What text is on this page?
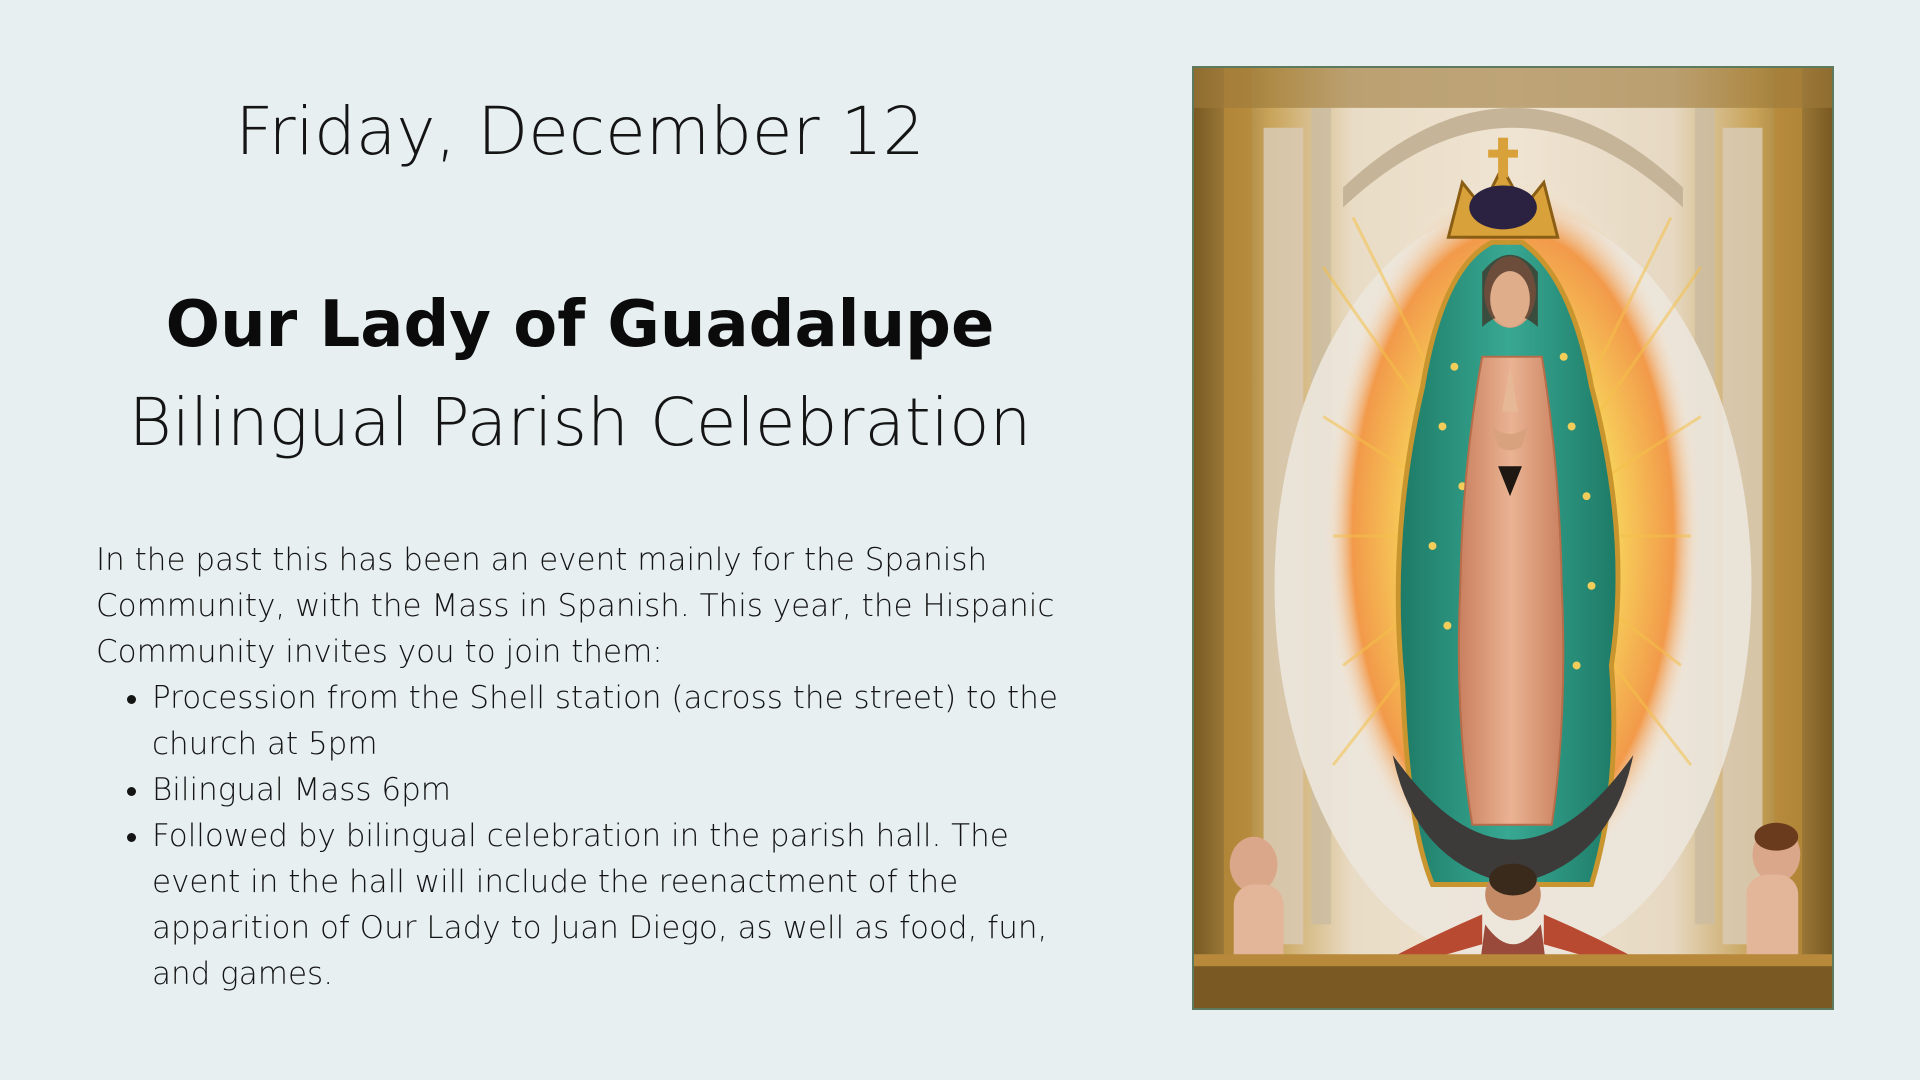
Friday, December 12
Our Lady of Guadalupe
Bilingual Parish Celebration

In the past this has been an event mainly for the Spanish Community, with the Mass in Spanish. This year, the Hispanic Community invites you to join them:

• Procession from the Shell station (across the street) to the church at 5pm
• Bilingual Mass 6pm
• Followed by bilingual celebration in the parish hall. The event in the hall will include the reenactment of the apparition of Our Lady to Juan Diego, as well as food, fun, and games.
